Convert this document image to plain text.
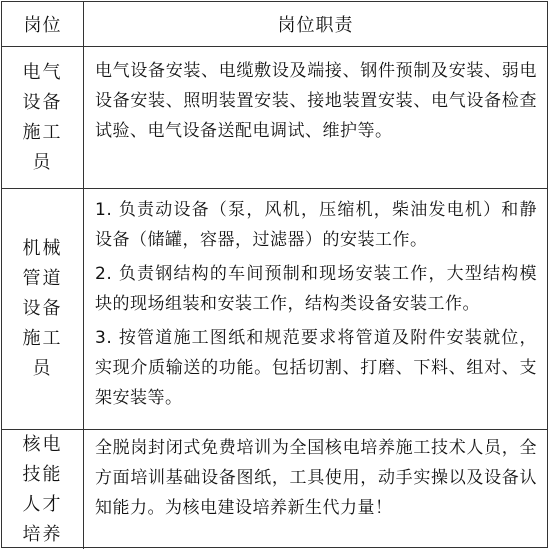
岗位	岗位职责
电气设备施工员
电气设备安装、电缆敷设及端接、钢件预制及安装、弱电设备安装、照明装置安装、接地装置安装、电气设备检查试验、电气设备送配电调试、维护等。
机械管道设备施工员
1. 负责动设备（泵，风机，压缩机，柴油发电机）和静设备（储罐，容器，过滤器）的安装工作。
2. 负责钢结构的车间预制和现场安装工作，大型结构模块的现场组装和安装工作，结构类设备安装工作。
3. 按管道施工图纸和规范要求将管道及附件安装就位，实现介质输送的功能。包括切割、打磨、下料、组对、支架安装等。
核电技能人才培养
全脱岗封闭式免费培训为全国核电培养施工技术人员，全方面培训基础设备图纸，工具使用，动手实操以及设备认知能力。为核电建设培养新生代力量！
